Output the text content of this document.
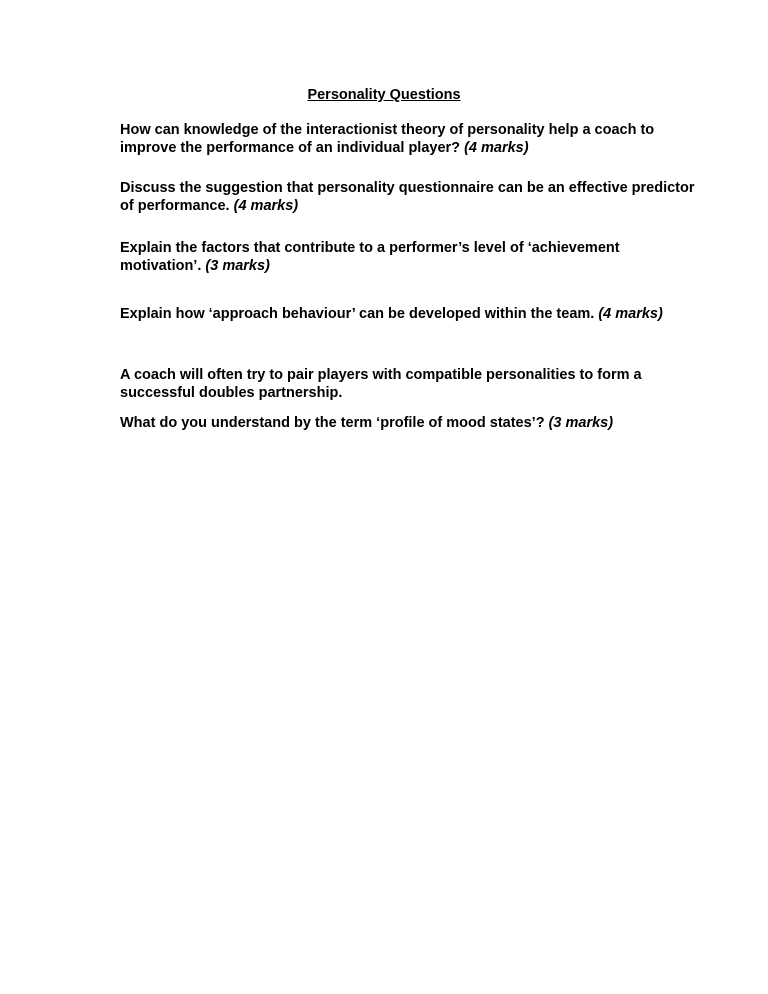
Personality Questions

How can knowledge of the interactionist theory of personality help a coach to improve the performance of an individual player? (4 marks)

Discuss the suggestion that personality questionnaire can be an effective predictor of performance. (4 marks)

Explain the factors that contribute to a performer’s level of ‘achievement motivation’. (3 marks)

Explain how ‘approach behaviour’ can be developed within the team. (4 marks)

A coach will often try to pair players with compatible personalities to form a successful doubles partnership.

What do you understand by the term ‘profile of mood states’? (3 marks)
